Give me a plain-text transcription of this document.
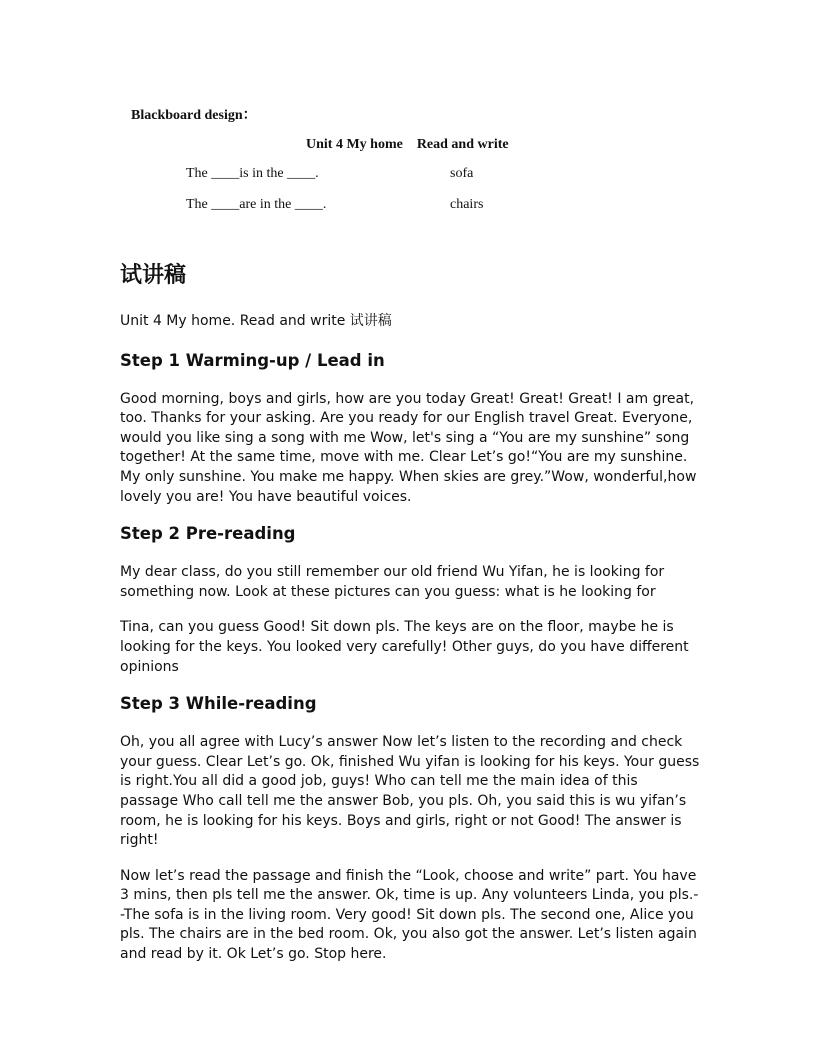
Blackboard design：
Unit 4 My home    Read and write
The ____is in the ____.	sofa
The ____are in the ____.	chairs
试讲稿

Unit 4 My home. Read and write 试讲稿

Step 1 Warming-up / Lead in

Good morning, boys and girls, how are you today Great! Great! Great! I am great, too. Thanks for your asking. Are you ready for our English travel Great. Everyone, would you like sing a song with me Wow, let's sing a “You are my sunshine” song together! At the same time, move with me. Clear Let’s go!“You are my sunshine. My only sunshine. You make me happy. When skies are grey.”Wow, wonderful,how lovely you are! You have beautiful voices.

Step 2 Pre-reading

My dear class, do you still remember our old friend Wu Yifan, he is looking for something now. Look at these pictures can you guess: what is he looking for

Tina, can you guess Good! Sit down pls. The keys are on the floor, maybe he is looking for the keys. You looked very carefully! Other guys, do you have different opinions

Step 3 While-reading

Oh, you all agree with Lucy’s answer Now let’s listen to the recording and check your guess. Clear Let’s go. Ok, finished Wu yifan is looking for his keys. Your guess is right.You all did a good job, guys! Who can tell me the main idea of this passage Who call tell me the answer Bob, you pls. Oh, you said this is wu yifan’s room, he is looking for his keys. Boys and girls, right or not Good! The answer is right!

Now let’s read the passage and finish the “Look, choose and write” part. You have 3 mins, then pls tell me the answer. Ok, time is up. Any volunteers Linda, you pls.--The sofa is in the living room. Very good! Sit down pls. The second one, Alice you pls. The chairs are in the bed room. Ok, you also got the answer. Let’s listen again and read by it. Ok Let’s go. Stop here.
